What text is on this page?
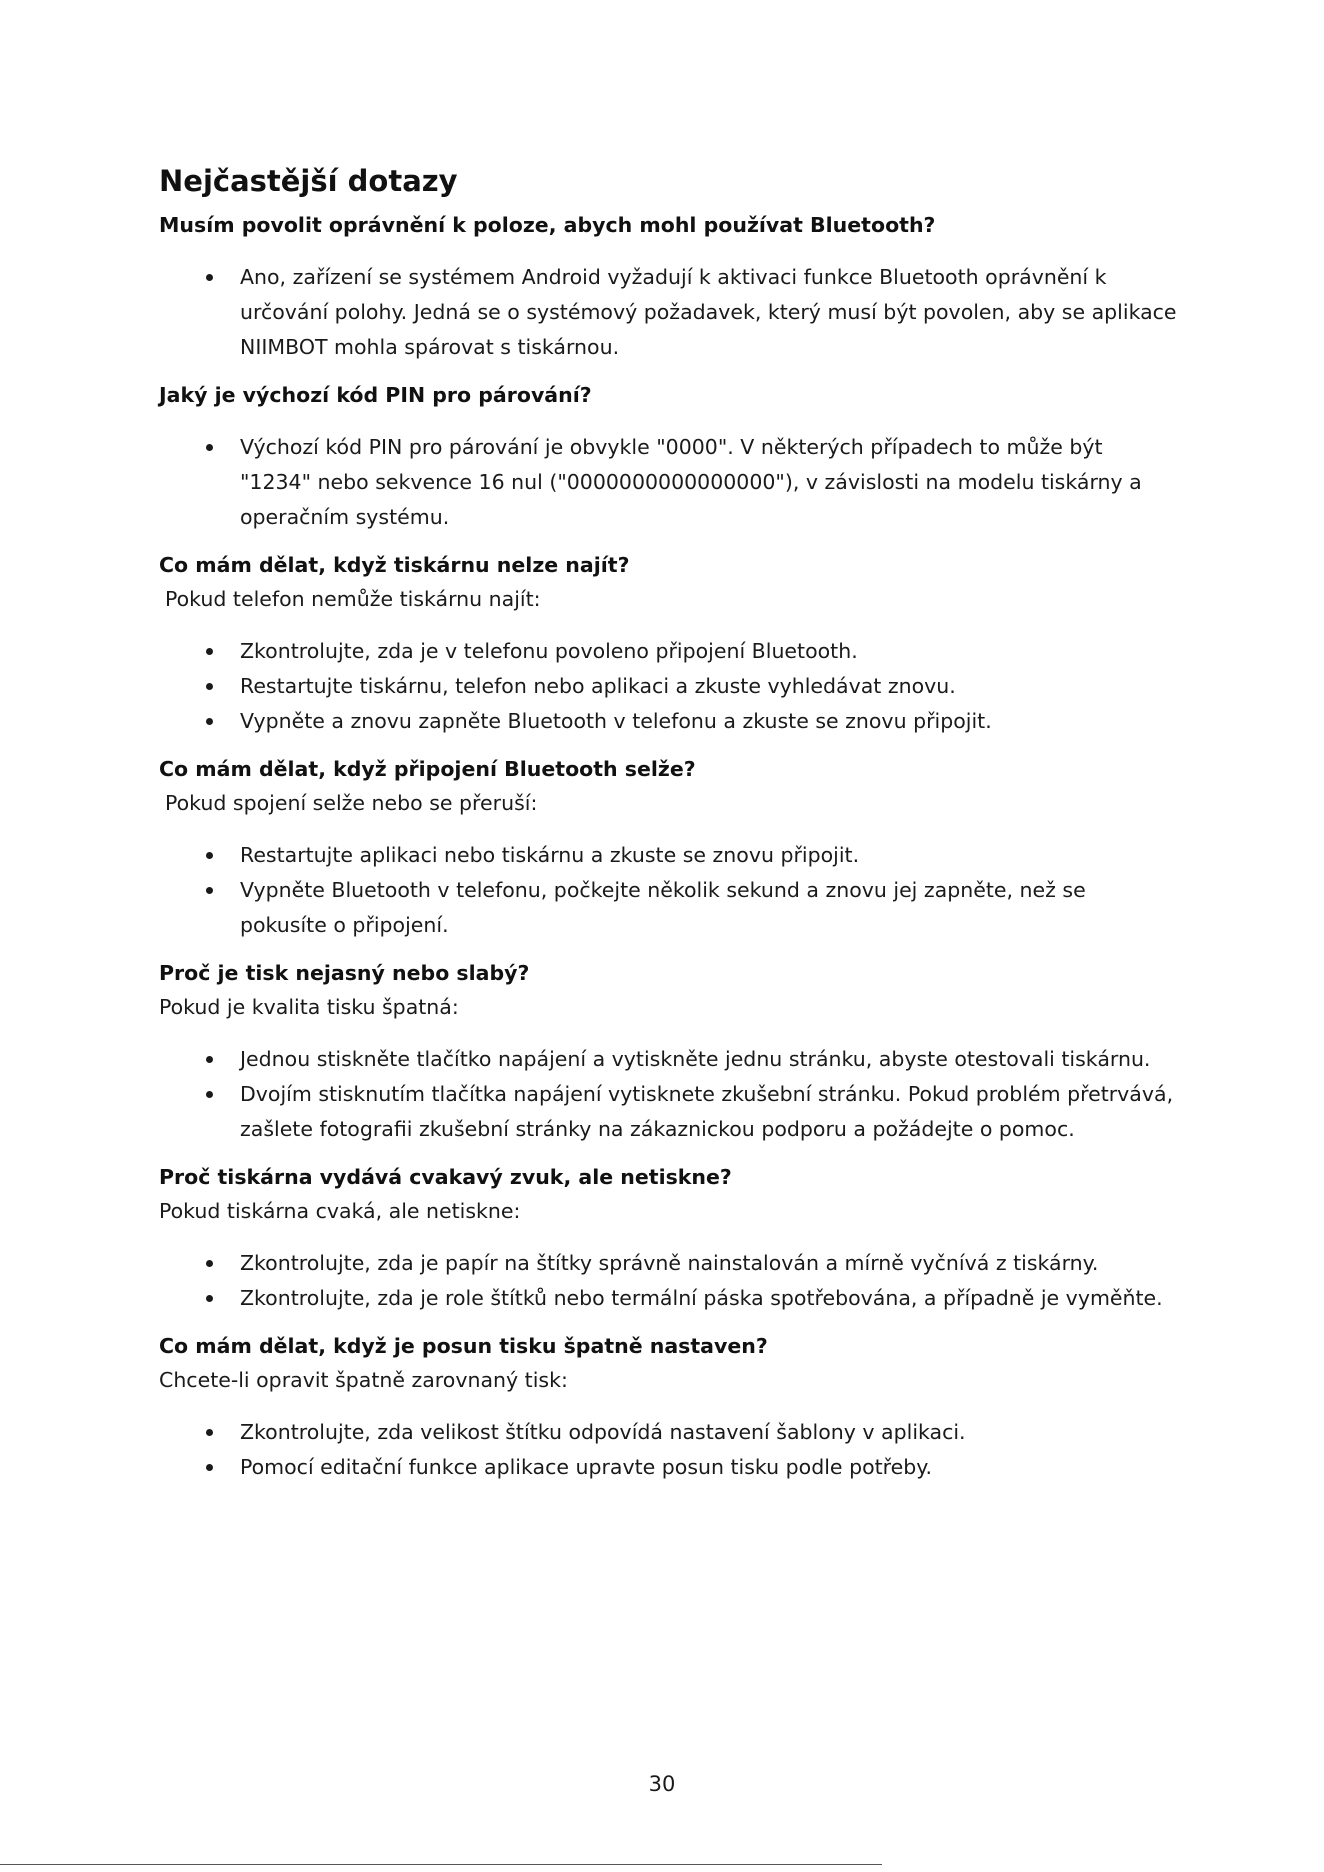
Nejčastější dotazy

Musím povolit oprávnění k poloze, abych mohl používat Bluetooth?

Ano, zařízení se systémem Android vyžadují k aktivaci funkce Bluetooth oprávnění k určování polohy. Jedná se o systémový požadavek, který musí být povolen, aby se aplikace NIIMBOT mohla spárovat s tiskárnou.

Jaký je výchozí kód PIN pro párování?

Výchozí kód PIN pro párování je obvykle "0000". V některých případech to může být "1234" nebo sekvence 16 nul ("0000000000000000"), v závislosti na modelu tiskárny a operačním systému.

Co mám dělat, když tiskárnu nelze najít?

Pokud telefon nemůže tiskárnu najít:

Zkontrolujte, zda je v telefonu povoleno připojení Bluetooth.
Restartujte tiskárnu, telefon nebo aplikaci a zkuste vyhledávat znovu.
Vypněte a znovu zapněte Bluetooth v telefonu a zkuste se znovu připojit.

Co mám dělat, když připojení Bluetooth selže?

Pokud spojení selže nebo se přeruší:

Restartujte aplikaci nebo tiskárnu a zkuste se znovu připojit.
Vypněte Bluetooth v telefonu, počkejte několik sekund a znovu jej zapněte, než se pokusíte o připojení.

Proč je tisk nejasný nebo slabý?

Pokud je kvalita tisku špatná:

Jednou stiskněte tlačítko napájení a vytiskněte jednu stránku, abyste otestovali tiskárnu.
Dvojím stisknutím tlačítka napájení vytisknete zkušební stránku. Pokud problém přetrvává, zašlete fotografii zkušební stránky na zákaznickou podporu a požádejte o pomoc.

Proč tiskárna vydává cvakavý zvuk, ale netiskne?

Pokud tiskárna cvaká, ale netiskne:

Zkontrolujte, zda je papír na štítky správně nainstalován a mírně vyčnívá z tiskárny.
Zkontrolujte, zda je role štítků nebo termální páska spotřebována, a případně je vyměňte.

Co mám dělat, když je posun tisku špatně nastaven?

Chcete-li opravit špatně zarovnaný tisk:

Zkontrolujte, zda velikost štítku odpovídá nastavení šablony v aplikaci.
Pomocí editační funkce aplikace upravte posun tisku podle potřeby.
30
